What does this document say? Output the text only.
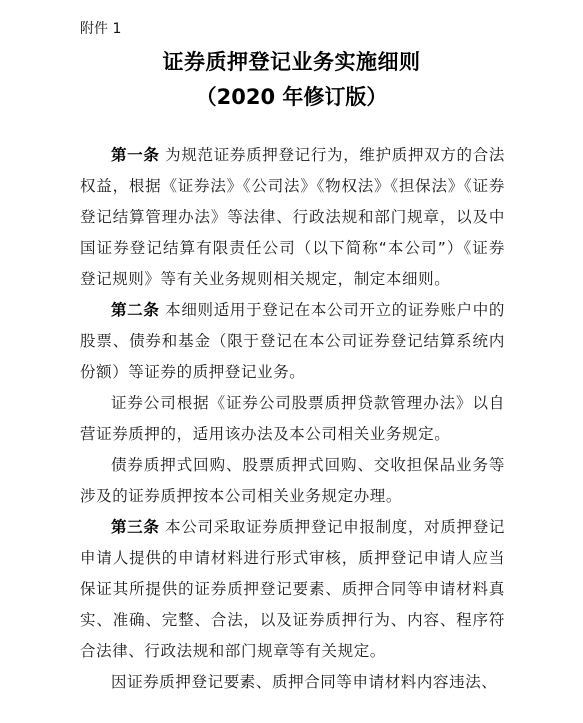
附件 1
证券质押登记业务实施细则
（2020 年修订版）

第一条 为规范证券质押登记行为，维护质押双方的合法权益，根据《证券法》《公司法》《物权法》《担保法》《证券登记结算管理办法》等法律、行政法规和部门规章，以及中国证券登记结算有限责任公司（以下简称“本公司”）《证券登记规则》等有关业务规则相关规定，制定本细则。

第二条 本细则适用于登记在本公司开立的证券账户中的股票、债券和基金（限于登记在本公司证券登记结算系统内份额）等证券的质押登记业务。

证券公司根据《证券公司股票质押贷款管理办法》以自营证券质押的，适用该办法及本公司相关业务规定。

债券质押式回购、股票质押式回购、交收担保品业务等涉及的证券质押按本公司相关业务规定办理。

第三条 本公司采取证券质押登记申报制度，对质押登记申请人提供的申请材料进行形式审核，质押登记申请人应当保证其所提供的证券质押登记要素、质押合同等申请材料真实、准确、完整、合法，以及证券质押行为、内容、程序符合法律、行政法规和部门规章等有关规定。

因证券质押登记要素、质押合同等申请材料内容违法、
